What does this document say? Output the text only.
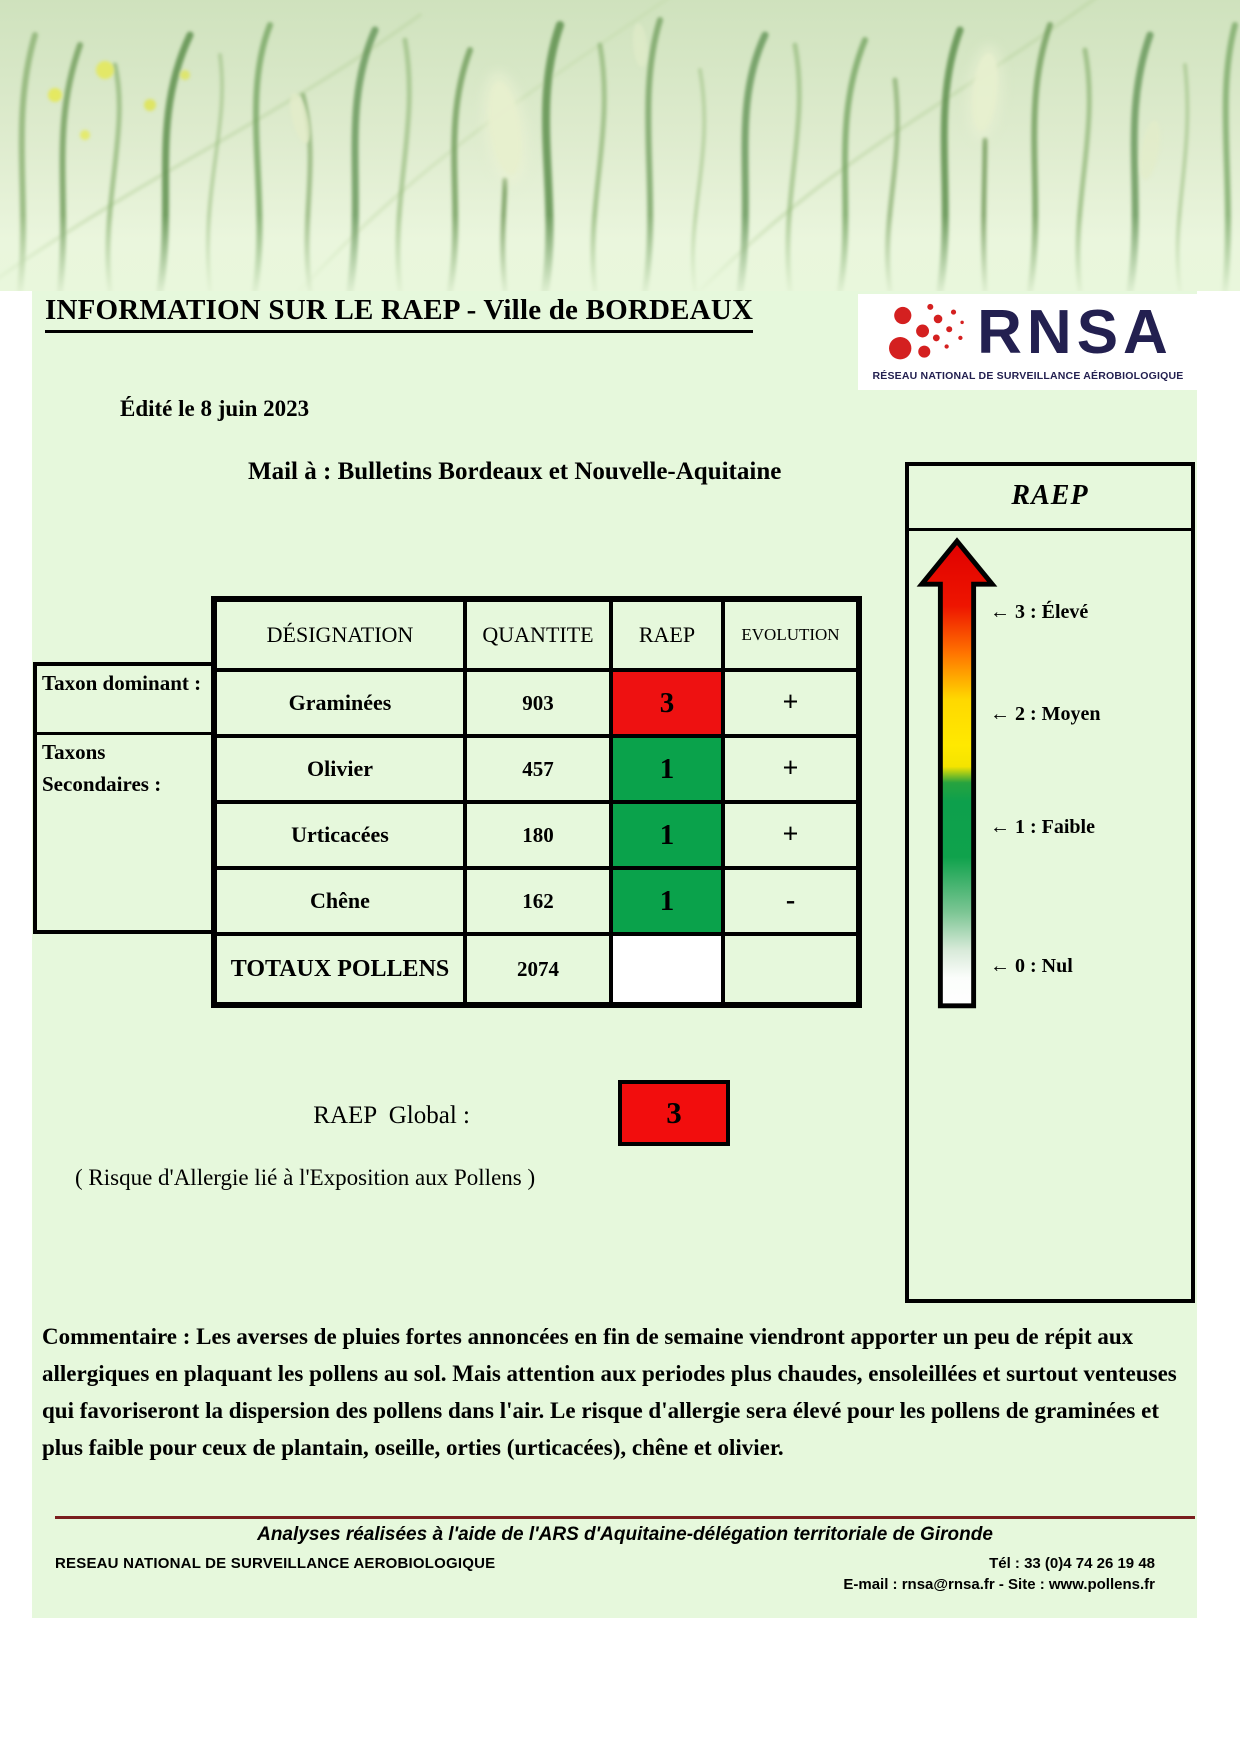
INFORMATION SUR LE RAEP - Ville de BORDEAUX	RNSA
RÉSEAU NATIONAL DE SURVEILLANCE AÉROBIOLOGIQUE
Édité le 8 juin 2023
Mail à : Bulletins Bordeaux et Nouvelle-Aquitaine
Taxon dominant :
Taxons Secondaires :
DÉSIGNATION	QUANTITE	RAEP	EVOLUTION
Graminées	903	3	+
Olivier	457	1	+
Urticacées	180	1	+
Chêne	162	1	-
TOTAUX POLLENS	2074
RAEP
← 3 : Élevé
← 2 : Moyen
← 1 : Faible
← 0 : Nul
RAEP  Global :	3
( Risque d'Allergie lié à l'Exposition aux Pollens )
Commentaire : Les averses de pluies fortes annoncées en fin de semaine viendront apporter un peu de répit aux allergiques en plaquant les pollens au sol. Mais attention aux periodes plus chaudes, ensoleillées et surtout venteuses qui favoriseront la dispersion des pollens dans l'air. Le risque d'allergie sera élevé pour les pollens de graminées et plus faible pour ceux de plantain, oseille, orties (urticacées), chêne et olivier.
Analyses réalisées à l'aide de l'ARS d'Aquitaine-délégation territoriale de Gironde
RESEAU NATIONAL DE SURVEILLANCE AEROBIOLOGIQUE	Tél : 33 (0)4 74 26 19 48
E-mail : rnsa@rnsa.fr - Site : www.pollens.fr
